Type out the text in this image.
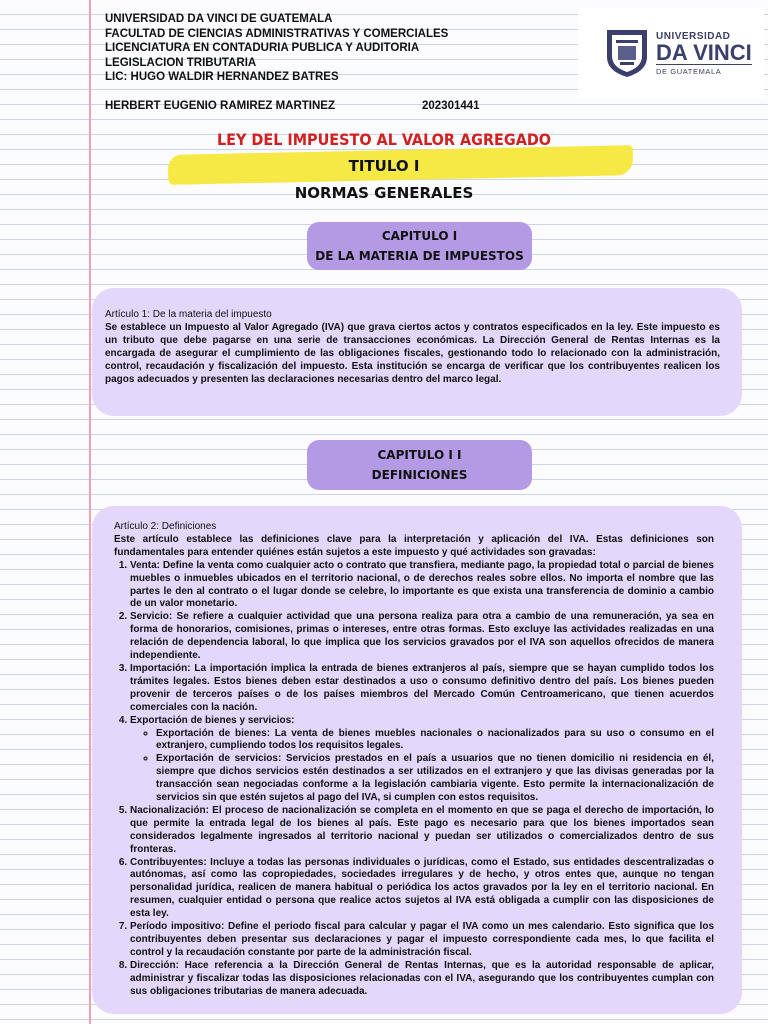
UNIVERSIDAD DA VINCI DE GUATEMALA
FACULTAD DE CIENCIAS ADMINISTRATIVAS Y COMERCIALES
LICENCIATURA EN CONTADURIA PUBLICA Y AUDITORIA
LEGISLACION TRIBUTARIA
LIC: HUGO WALDIR HERNANDEZ BATRES
HERBERT EUGENIO RAMIREZ MARTINEZ	202301441
UNIVERSIDAD
DA VINCI
DE GUATEMALA
LEY DEL IMPUESTO AL VALOR AGREGADO
TITULO I
NORMAS GENERALES
CAPITULO I
DE LA MATERIA DE IMPUESTOS
Artículo 1: De la materia del impuesto
Se establece un Impuesto al Valor Agregado (IVA) que grava ciertos actos y contratos especificados en la ley. Este impuesto es un tributo que debe pagarse en una serie de transacciones económicas. La Dirección General de Rentas Internas es la encargada de asegurar el cumplimiento de las obligaciones fiscales, gestionando todo lo relacionado con la administración, control, recaudación y fiscalización del impuesto. Esta institución se encarga de verificar que los contribuyentes realicen los pagos adecuados y presenten las declaraciones necesarias dentro del marco legal.
CAPITULO I I
DEFINICIONES
Artículo 2: Definiciones
Este artículo establece las definiciones clave para la interpretación y aplicación del IVA. Estas definiciones son fundamentales para entender quiénes están sujetos a este impuesto y qué actividades son gravadas:
1. Venta: Define la venta como cualquier acto o contrato que transfiera, mediante pago, la propiedad total o parcial de bienes muebles o inmuebles ubicados en el territorio nacional, o de derechos reales sobre ellos. No importa el nombre que las partes le den al contrato o el lugar donde se celebre, lo importante es que exista una transferencia de dominio a cambio de un valor monetario.
2. Servicio: Se refiere a cualquier actividad que una persona realiza para otra a cambio de una remuneración, ya sea en forma de honorarios, comisiones, primas o intereses, entre otras formas. Esto excluye las actividades realizadas en una relación de dependencia laboral, lo que implica que los servicios gravados por el IVA son aquellos ofrecidos de manera independiente.
3. Importación: La importación implica la entrada de bienes extranjeros al país, siempre que se hayan cumplido todos los trámites legales. Estos bienes deben estar destinados a uso o consumo definitivo dentro del país. Los bienes pueden provenir de terceros países o de los países miembros del Mercado Común Centroamericano, que tienen acuerdos comerciales con la nación.
4. Exportación de bienes y servicios:
◦ Exportación de bienes: La venta de bienes muebles nacionales o nacionalizados para su uso o consumo en el extranjero, cumpliendo todos los requisitos legales.
◦ Exportación de servicios: Servicios prestados en el país a usuarios que no tienen domicilio ni residencia en él, siempre que dichos servicios estén destinados a ser utilizados en el extranjero y que las divisas generadas por la transacción sean negociadas conforme a la legislación cambiaria vigente. Esto permite la internacionalización de servicios sin que estén sujetos al pago del IVA, si cumplen con estos requisitos.
5. Nacionalización: El proceso de nacionalización se completa en el momento en que se paga el derecho de importación, lo que permite la entrada legal de los bienes al país. Este pago es necesario para que los bienes importados sean considerados legalmente ingresados al territorio nacional y puedan ser utilizados o comercializados dentro de sus fronteras.
6. Contribuyentes: Incluye a todas las personas individuales o jurídicas, como el Estado, sus entidades descentralizadas o autónomas, así como las copropiedades, sociedades irregulares y de hecho, y otros entes que, aunque no tengan personalidad jurídica, realicen de manera habitual o periódica los actos gravados por la ley en el territorio nacional. En resumen, cualquier entidad o persona que realice actos sujetos al IVA está obligada a cumplir con las disposiciones de esta ley.
7. Período impositivo: Define el periodo fiscal para calcular y pagar el IVA como un mes calendario. Esto significa que los contribuyentes deben presentar sus declaraciones y pagar el impuesto correspondiente cada mes, lo que facilita el control y la recaudación constante por parte de la administración fiscal.
8. Dirección: Hace referencia a la Dirección General de Rentas Internas, que es la autoridad responsable de aplicar, administrar y fiscalizar todas las disposiciones relacionadas con el IVA, asegurando que los contribuyentes cumplan con sus obligaciones tributarias de manera adecuada.
